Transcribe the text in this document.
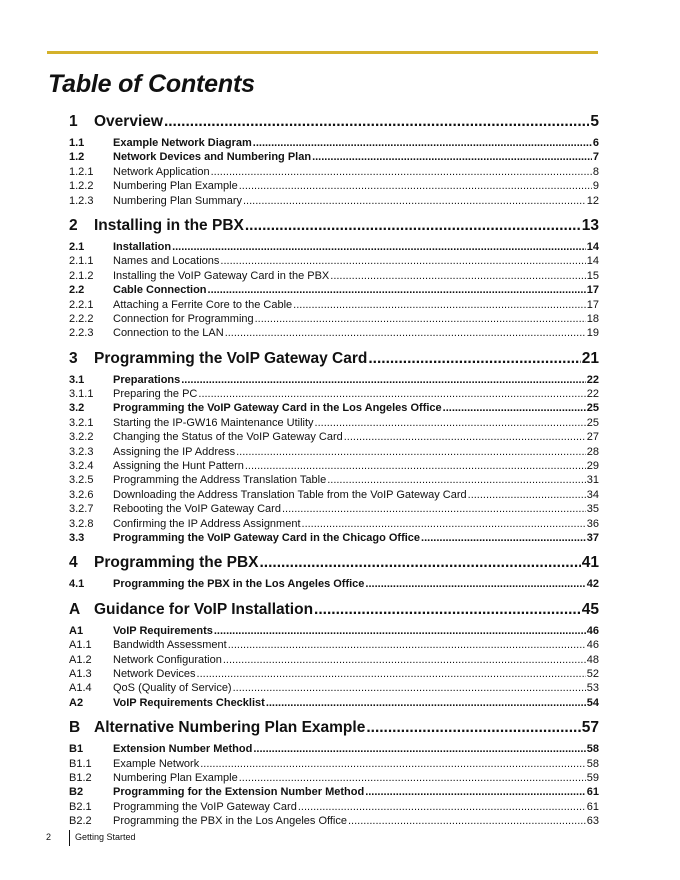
Table of Contents
1	Overview .....	5
1.1	Example Network Diagram .....	6
1.2	Network Devices and Numbering Plan .....	7
1.2.1	Network Application .....	8
1.2.2	Numbering Plan Example .....	9
1.2.3	Numbering Plan Summary .....	12
2	Installing in the PBX .....	13
2.1	Installation .....	14
2.1.1	Names and Locations .....	14
2.1.2	Installing the VoIP Gateway Card in the PBX .....	15
2.2	Cable Connection .....	17
2.2.1	Attaching a Ferrite Core to the Cable .....	17
2.2.2	Connection for Programming .....	18
2.2.3	Connection to the LAN .....	19
3	Programming the VoIP Gateway Card .....	21
3.1	Preparations .....	22
3.1.1	Preparing the PC .....	22
3.2	Programming the VoIP Gateway Card in the Los Angeles Office .....	25
3.2.1	Starting the IP-GW16 Maintenance Utility .....	25
3.2.2	Changing the Status of the VoIP Gateway Card .....	27
3.2.3	Assigning the IP Address .....	28
3.2.4	Assigning the Hunt Pattern .....	29
3.2.5	Programming the Address Translation Table .....	31
3.2.6	Downloading the Address Translation Table from the VoIP Gateway Card .....	34
3.2.7	Rebooting the VoIP Gateway Card .....	35
3.2.8	Confirming the IP Address Assignment .....	36
3.3	Programming the VoIP Gateway Card in the Chicago Office .....	37
4	Programming the PBX .....	41
4.1	Programming the PBX in the Los Angeles Office .....	42
A Guidance for VoIP Installation .....	45
A1	VoIP Requirements .....	46
A1.1	Bandwidth Assessment .....	46
A1.2	Network Configuration .....	48
A1.3	Network Devices .....	52
A1.4	QoS (Quality of Service) .....	53
A2	VoIP Requirements Checklist .....	54
B Alternative Numbering Plan Example .....	57
B1	Extension Number Method .....	58
B1.1	Example Network .....	58
B1.2	Numbering Plan Example .....	59
B2	Programming for the Extension Number Method .....	61
B2.1	Programming the VoIP Gateway Card .....	61
B2.2	Programming the PBX in the Los Angeles Office .....	63
2	Getting Started
